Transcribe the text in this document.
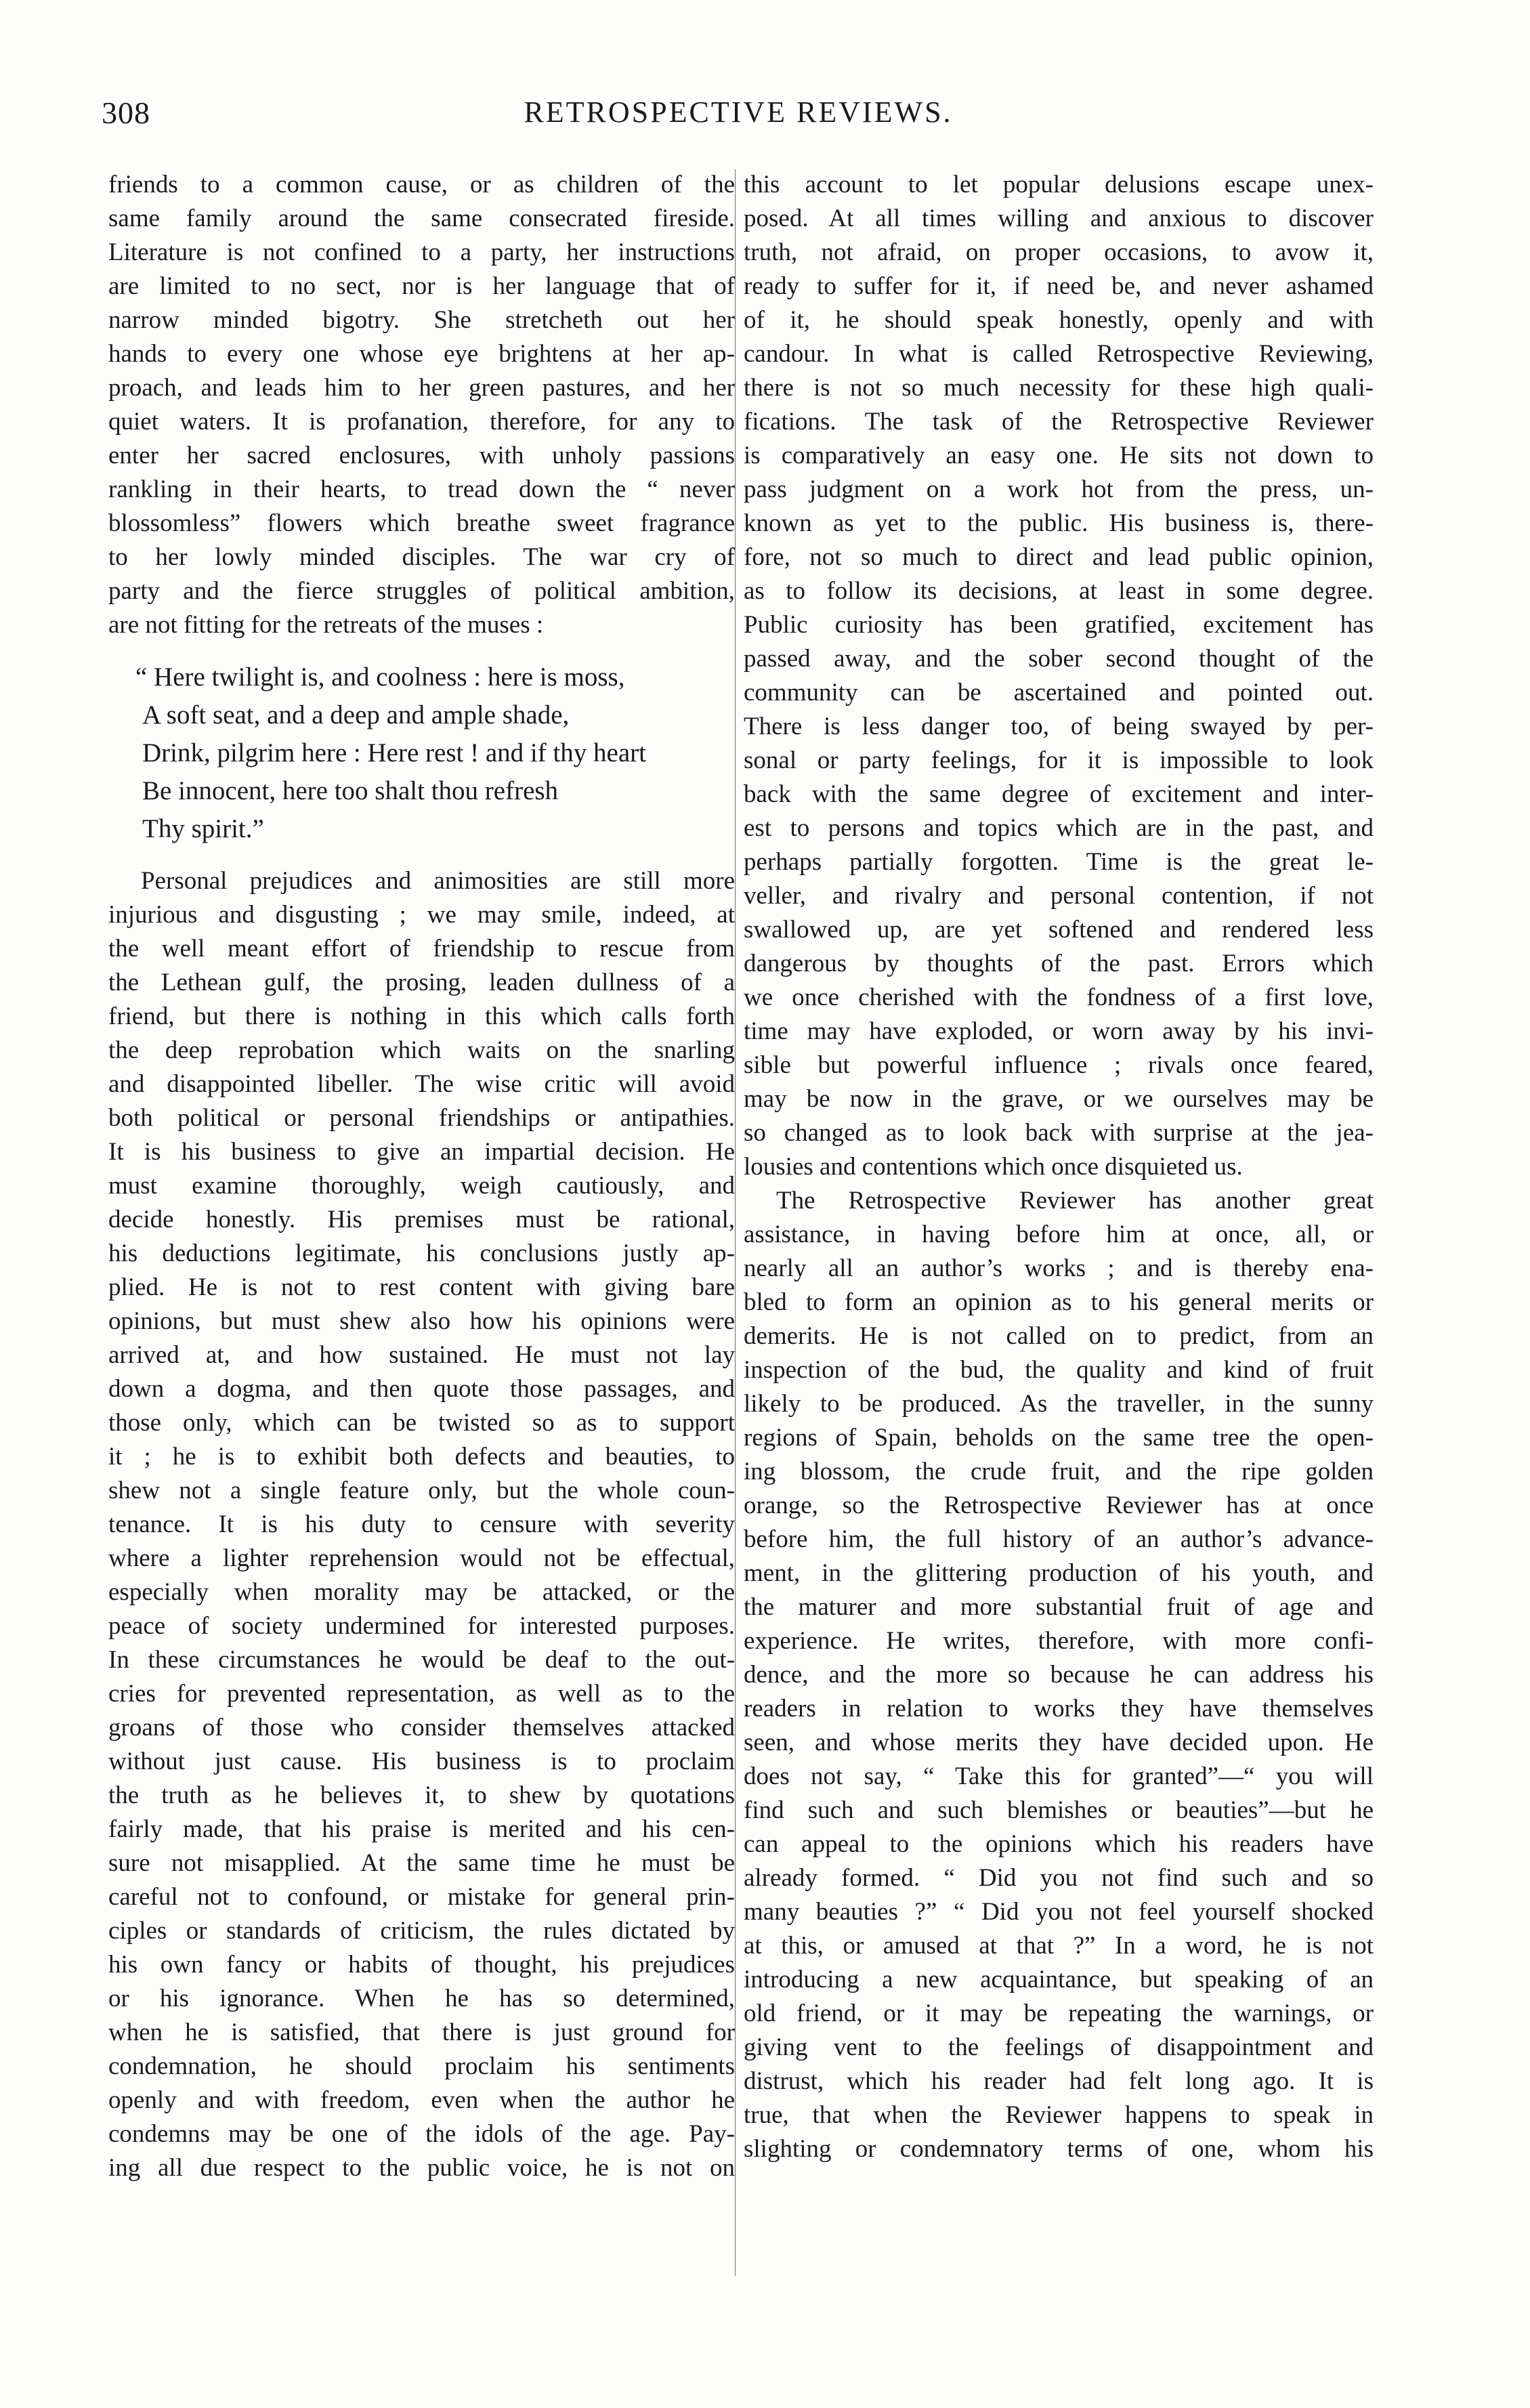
308	RETROSPECTIVE REVIEWS.
friends to a common cause, or as children of the
same family around the same consecrated fireside.
Literature is not confined to a party, her instructions
are limited to no sect, nor is her language that of
narrow minded bigotry. She stretcheth out her
hands to every one whose eye brightens at her ap-
proach, and leads him to her green pastures, and her
quiet waters. It is profanation, therefore, for any to
enter her sacred enclosures, with unholy passions
rankling in their hearts, to tread down the “ never
blossomless” flowers which breathe sweet fragrance
to her lowly minded disciples. The war cry of
party and the fierce struggles of political ambition,
are not fitting for the retreats of the muses :
“ Here twilight is, and coolness : here is moss,
A soft seat, and a deep and ample shade,
Drink, pilgrim here : Here rest ! and if thy heart
Be innocent, here too shalt thou refresh
Thy spirit.”
Personal prejudices and animosities are still more
injurious and disgusting ; we may smile, indeed, at
the well meant effort of friendship to rescue from
the Lethean gulf, the prosing, leaden dullness of a
friend, but there is nothing in this which calls forth
the deep reprobation which waits on the snarling
and disappointed libeller. The wise critic will avoid
both political or personal friendships or antipathies.
It is his business to give an impartial decision. He
must examine thoroughly, weigh cautiously, and
decide honestly. His premises must be rational,
his deductions legitimate, his conclusions justly ap-
plied. He is not to rest content with giving bare
opinions, but must shew also how his opinions were
arrived at, and how sustained. He must not lay
down a dogma, and then quote those passages, and
those only, which can be twisted so as to support
it ; he is to exhibit both defects and beauties, to
shew not a single feature only, but the whole coun-
tenance. It is his duty to censure with severity
where a lighter reprehension would not be effectual,
especially when morality may be attacked, or the
peace of society undermined for interested purposes.
In these circumstances he would be deaf to the out-
cries for prevented representation, as well as to the
groans of those who consider themselves attacked
without just cause. His business is to proclaim
the truth as he believes it, to shew by quotations
fairly made, that his praise is merited and his cen-
sure not misapplied. At the same time he must be
careful not to confound, or mistake for general prin-
ciples or standards of criticism, the rules dictated by
his own fancy or habits of thought, his prejudices
or his ignorance. When he has so determined,
when he is satisfied, that there is just ground for
condemnation, he should proclaim his sentiments
openly and with freedom, even when the author he
condemns may be one of the idols of the age. Pay-
ing all due respect to the public voice, he is not on
this account to let popular delusions escape unex-
posed. At all times willing and anxious to discover
truth, not afraid, on proper occasions, to avow it,
ready to suffer for it, if need be, and never ashamed
of it, he should speak honestly, openly and with
candour. In what is called Retrospective Reviewing,
there is not so much necessity for these high quali-
fications. The task of the Retrospective Reviewer
is comparatively an easy one. He sits not down to
pass judgment on a work hot from the press, un-
known as yet to the public. His business is, there-
fore, not so much to direct and lead public opinion,
as to follow its decisions, at least in some degree.
Public curiosity has been gratified, excitement has
passed away, and the sober second thought of the
community can be ascertained and pointed out.
There is less danger too, of being swayed by per-
sonal or party feelings, for it is impossible to look
back with the same degree of excitement and inter-
est to persons and topics which are in the past, and
perhaps partially forgotten. Time is the great le-
veller, and rivalry and personal contention, if not
swallowed up, are yet softened and rendered less
dangerous by thoughts of the past. Errors which
we once cherished with the fondness of a first love,
time may have exploded, or worn away by his invi-
sible but powerful influence ; rivals once feared,
may be now in the grave, or we ourselves may be
so changed as to look back with surprise at the jea-
lousies and contentions which once disquieted us.
The Retrospective Reviewer has another great
assistance, in having before him at once, all, or
nearly all an author’s works ; and is thereby ena-
bled to form an opinion as to his general merits or
demerits. He is not called on to predict, from an
inspection of the bud, the quality and kind of fruit
likely to be produced. As the traveller, in the sunny
regions of Spain, beholds on the same tree the open-
ing blossom, the crude fruit, and the ripe golden
orange, so the Retrospective Reviewer has at once
before him, the full history of an author’s advance-
ment, in the glittering production of his youth, and
the maturer and more substantial fruit of age and
experience. He writes, therefore, with more confi-
dence, and the more so because he can address his
readers in relation to works they have themselves
seen, and whose merits they have decided upon. He
does not say, “ Take this for granted”—“ you will
find such and such blemishes or beauties”—but he
can appeal to the opinions which his readers have
already formed. “ Did you not find such and so
many beauties ?” “ Did you not feel yourself shocked
at this, or amused at that ?” In a word, he is not
introducing a new acquaintance, but speaking of an
old friend, or it may be repeating the warnings, or
giving vent to the feelings of disappointment and
distrust, which his reader had felt long ago. It is
true, that when the Reviewer happens to speak in
slighting or condemnatory terms of one, whom his
